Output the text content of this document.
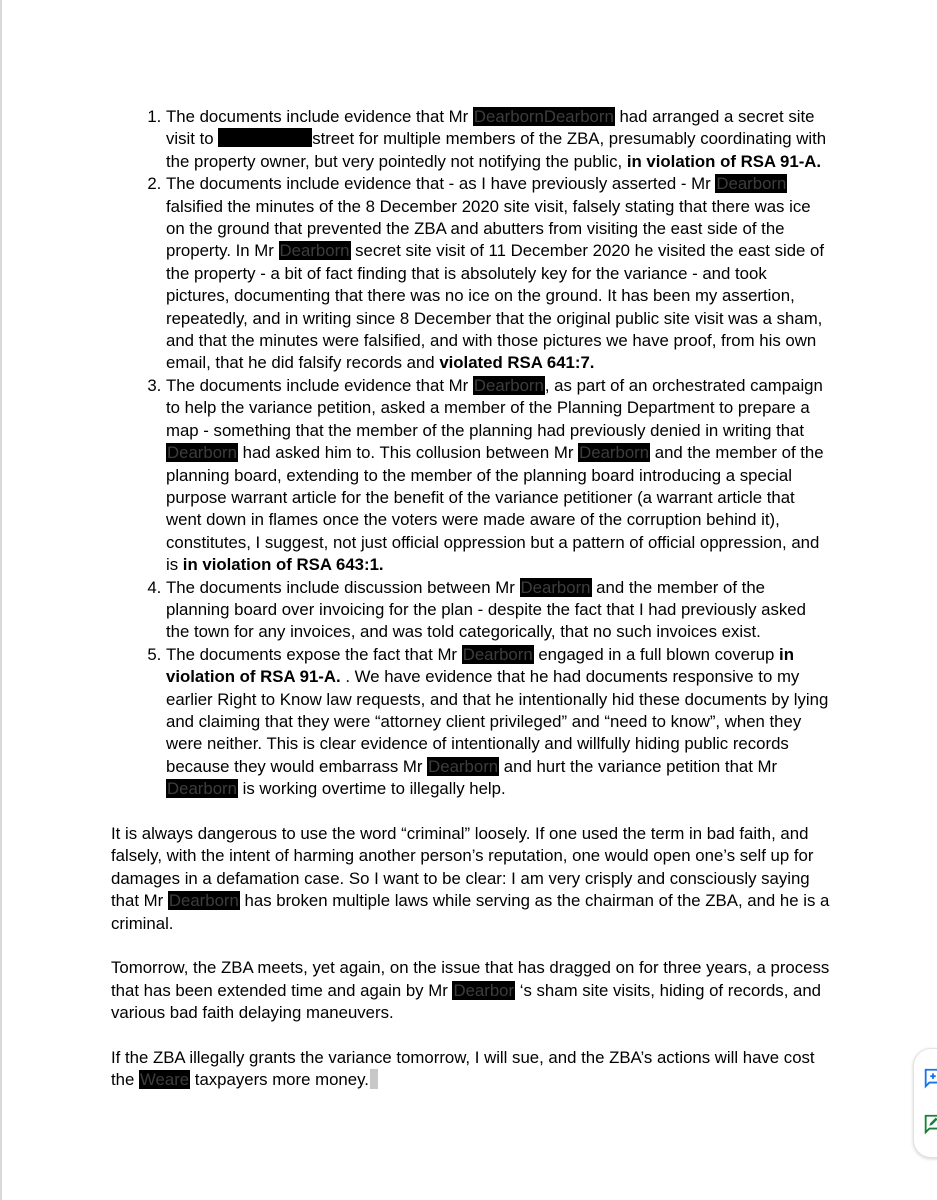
1. The documents include evidence that Mr DearbornDearborn had arranged a secret site visit to	street for multiple members of the ZBA, presumably coordinating with the property owner, but very pointedly not notifying the public, in violation of RSA 91-A.
2. The documents include evidence that - as I have previously asserted - Mr Dearborn falsified the minutes of the 8 December 2020 site visit, falsely stating that there was ice on the ground that prevented the ZBA and abutters from visiting the east side of the property. In Mr Dearborn secret site visit of 11 December 2020 he visited the east side of the property - a bit of fact finding that is absolutely key for the variance - and took pictures, documenting that there was no ice on the ground. It has been my assertion, repeatedly, and in writing since 8 December that the original public site visit was a sham, and that the minutes were falsified, and with those pictures we have proof, from his own email, that he did falsify records and violated RSA 641:7.
3. The documents include evidence that Mr Dearborn, as part of an orchestrated campaign to help the variance petition, asked a member of the Planning Department to prepare a map - something that the member of the planning had previously denied in writing that Dearborn had asked him to. This collusion between Mr Dearborn and the member of the planning board, extending to the member of the planning board introducing a special purpose warrant article for the benefit of the variance petitioner (a warrant article that went down in flames once the voters were made aware of the corruption behind it), constitutes, I suggest, not just official oppression but a pattern of official oppression, and is in violation of RSA 643:1.
4. The documents include discussion between Mr Dearborn and the member of the planning board over invoicing for the plan - despite the fact that I had previously asked the town for any invoices, and was told categorically, that no such invoices exist.
5. The documents expose the fact that Mr Dearborn engaged in a full blown coverup in violation of RSA 91-A. . We have evidence that he had documents responsive to my earlier Right to Know law requests, and that he intentionally hid these documents by lying and claiming that they were “attorney client privileged” and “need to know”, when they were neither. This is clear evidence of intentionally and willfully hiding public records because they would embarrass Mr Dearborn and hurt the variance petition that Mr Dearborn is working overtime to illegally help.

It is always dangerous to use the word “criminal” loosely. If one used the term in bad faith, and falsely, with the intent of harming another person’s reputation, one would open one’s self up for damages in a defamation case. So I want to be clear: I am very crisply and consciously saying that Mr Dearborn has broken multiple laws while serving as the chairman of the ZBA, and he is a criminal.

Tomorrow, the ZBA meets, yet again, on the issue that has dragged on for three years, a process that has been extended time and again by Mr Dearbor ‘s sham site visits, hiding of records, and various bad faith delaying maneuvers.

If the ZBA illegally grants the variance tomorrow, I will sue, and the ZBA’s actions will have cost the Weare taxpayers more money.
